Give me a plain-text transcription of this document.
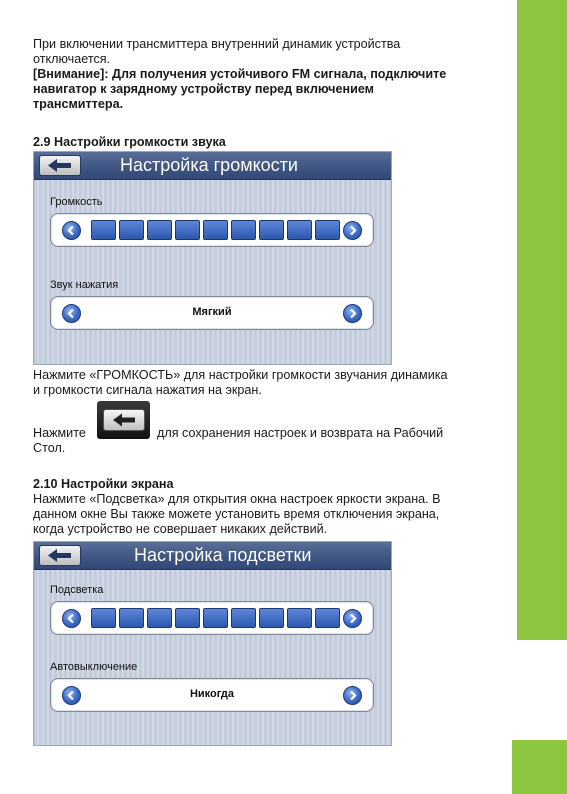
При включении трансмиттера внутренний динамик устройства

отключается.

[Внимание]: Для получения устойчивого FM сигнала, подключите

навигатор к зарядному устройству перед включением

трансмиттера.

2.9 Настройки громкости звука

Настройка громкости
Громкость
Звук нажатия
Мягкий

Нажмите «ГРОМКОСТЬ» для настройки громкости звучания динамика

и громкости сигнала нажатия на экран.

Нажмите	для сохранения настроек и возврата на Рабочий

Стол.

2.10 Настройки экрана

Нажмите «Подсветка» для открытия окна настроек яркости экрана. В

данном окне Вы также можете установить время отключения экрана,

когда устройство не совершает никаких действий.

Настройка подсветки
Подсветка
Автовыключение
Никогда
